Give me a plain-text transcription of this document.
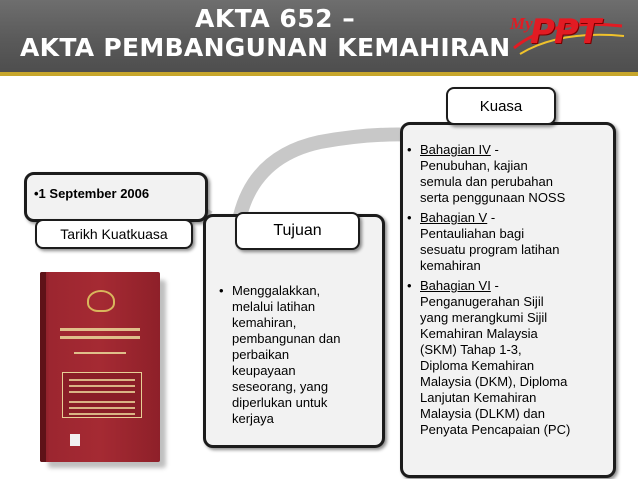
AKTA 652 –
AKTA PEMBANGUNAN KEMAHIRAN
My
PPT
•1 September 2006
Tarikh Kuatkuasa
• Menggalakkan,
melalui latihan
kemahiran,
pembangunan dan
perbaikan
keupayaan
seseorang, yang
diperlukan untuk
kerjaya
Tujuan
• Bahagian IV -
Penubuhan, kajian
semula dan perubahan
serta penggunaan NOSS
• Bahagian V -
Pentauliahan bagi
sesuatu program latihan
kemahiran
• Bahagian VI -
Penganugerahan Sijil
yang merangkumi Sijil
Kemahiran Malaysia
(SKM) Tahap 1-3,
Diploma Kemahiran
Malaysia (DKM), Diploma
Lanjutan Kemahiran
Malaysia (DLKM) dan
Penyata Pencapaian (PC)
Kuasa
